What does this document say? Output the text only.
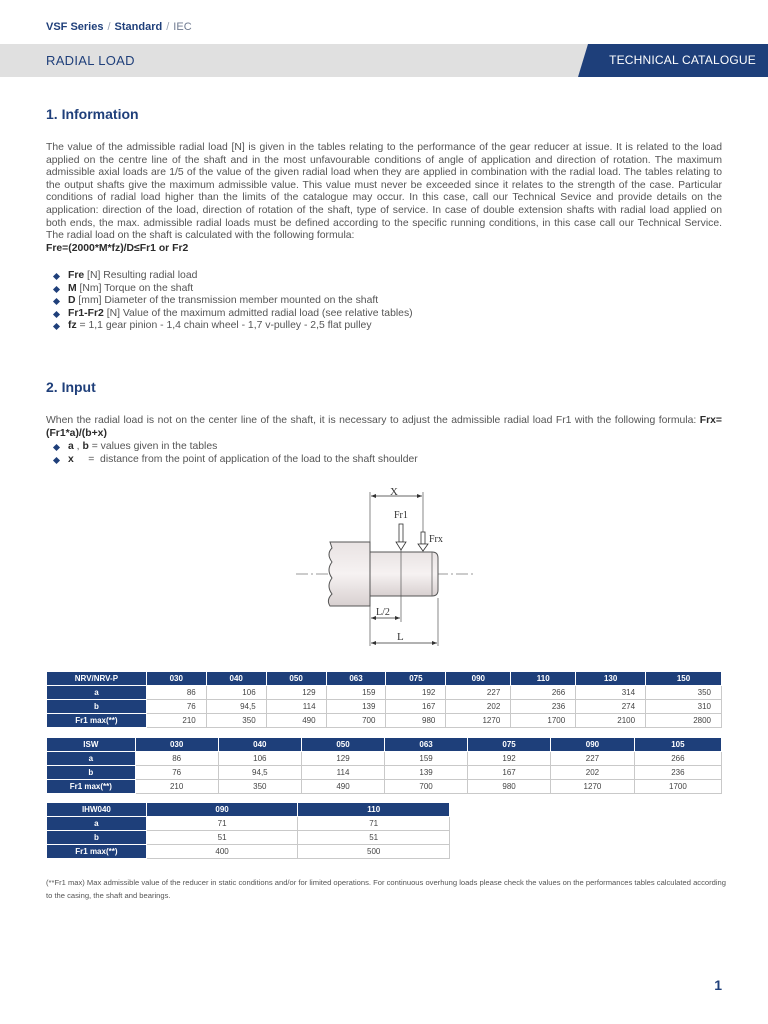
VSF Series / Standard / IEC
RADIAL LOAD	TECHNICAL CATALOGUE
1. Information
The value of the admissible radial load [N] is given in the tables relating to the performance of the gear reducer at issue. It is related to the load applied on the centre line of the shaft and in the most unfavourable conditions of angle of application and direction of rotation. The maximum admissible axial loads are 1/5 of the value of the given radial load when they are applied in combination with the radial load. The tables relating to the output shafts give the maximum admissible value. This value must never be exceeded since it relates to the strength of the case. Particular conditions of radial load higher than the limits of the catalogue may occur. In this case, call our Technical Sevice and provide details on the application: direction of the load, direction of rotation of the shaft, type of service. In case of double extension shafts with radial load applied on both ends, the max. admissible radial loads must be defined according to the specific running conditions, in this case call our Technical Service. The radial load on the shaft is calculated with the following formula:
Fre=(2000*M*fz)/D≤Fr1 or Fr2
Fre [N] Resulting radial load
M [Nm] Torque on the shaft
D [mm] Diameter of the transmission member mounted on the shaft
Fr1-Fr2 [N] Value of the maximum admitted radial load (see relative tables)
fz = 1,1 gear pinion - 1,4 chain wheel - 1,7 v-pulley - 2,5 flat pulley
2. Input
When the radial load is not on the center line of the shaft, it is necessary to adjust the admissible radial load Fr1 with the following formula: Frx=(Fr1*a)/(b+x)
a , b = values given in the tables
x     =  distance from the point of application of the load to the shaft shoulder
X
Fr1
Frx
L/2
L
NRV/NRV-P	030	040	050	063	075	090	110	130	150
a	86	106	129	159	192	227	266	314	350
b	76	94,5	114	139	167	202	236	274	310
Fr1 max(**)	210	350	490	700	980	1270	1700	2100	2800
ISW	030	040	050	063	075	090	105
a	86	106	129	159	192	227	266
b	76	94,5	114	139	167	202	236
Fr1 max(**)	210	350	490	700	980	1270	1700
IHW040	090	110
a	71	71
b	51	51
Fr1 max(**)	400	500
(**Fr1 max) Max admissible value of the reducer in static conditions and/or for limited operations. For continuous overhung loads please check the values on the performances tables calculated according to the casing, the shaft and bearings.
1
